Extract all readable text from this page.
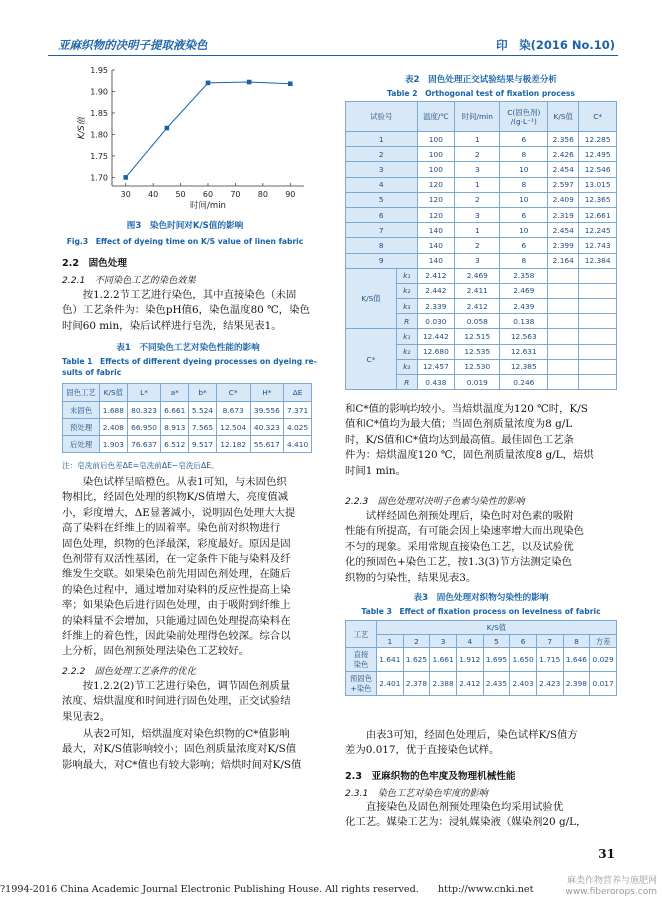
亚麻织物的决明子提取液染色	印　染(2016 No.10)
30 40 50 60 70 80 90
1.70
1.75
1.80
1.85
1.90
1.95
时间/min
K/S值
图3　染色时间对K/S值的影响
Fig.3　Effect of dyeing time on K/S value of linen fabric
2.2　固色处理
2.2.1　不同染色工艺的染色效果

按1.2.2节工艺进行染色，其中直接染色（未固

色）工艺条件为：染色pH值6，染色温度80 ℃，染色

时间60 min，染后试样进行皂洗，结果见表1。

表1　不同染色工艺对染色性能的影响
Table 1　Effects of different dyeing processes on dyeing re-
sults of fabric
固色工艺	K/S值	L*	a*	b*	C*	H*	ΔE
未固色	1.688	80.323	6.661	5.524	8.673	39.556	7.371
预处理	2.408	66.950	8.913	7.565	12.504	40.323	4.025
后处理	1.903	76.637	6.512	9.517	12.182	55.617	4.410
注：皂洗前后色差ΔE=皂洗前ΔE−皂洗后ΔE。

染色试样呈暗橙色。从表1可知，与未固色织

物相比，经固色处理的织物K/S值增大，亮度值减

小，彩度增大，ΔE显著减小，说明固色处理大大提

高了染料在纤维上的固着率。染色前对织物进行

固色处理，织物的色泽最深，彩度最好。原因是固

色剂带有双活性基团，在一定条件下能与染料及纤

维发生交联。如果染色前先用固色剂处理，在随后

的染色过程中，通过增加对染料的反应性提高上染

率；如果染色后进行固色处理，由于吸附到纤维上

的染料量不会增加，只能通过固色处理提高染料在

纤维上的着色性，因此染前处理得色较深。综合以

上分析，固色剂预处理法染色工艺较好。

2.2.2　固色处理工艺条件的优化

按1.2.2(2)节工艺进行染色，调节固色剂质量

浓度、焙烘温度和时间进行固色处理，正交试验结

果见表2。

从表2可知，焙烘温度对染色织物的C*值影响

最大，对K/S值影响较小；固色剂质量浓度对K/S值

影响最大，对C*值也有较大影响；焙烘时间对K/S值

表2　固色处理正交试验结果与极差分析
Table 2　Orthogonal test of fixation process
试验号		温度/℃	时间/min	C(固色剂)
/(g·L⁻¹)	K/S值	C*
1		100	1	6	2.356	12.285
2		100	2	8	2.426	12.495
3		100	3	10	2.454	12.546
4		120	1	8	2.597	13.015
5		120	2	10	2.409	12.365
6		120	3	6	2.319	12.661
7		140	1	10	2.454	12.245
8		140	2	6	2.399	12.743
9		140	3	8	2.164	12.384
K/S值	k₁	2.412	2.469	2.358		
	k₂	2.442	2.411	2.469		
	k₃	2.339	2.412	2.439		
	R	0.030	0.058	0.138		
C*	k₁	12.442	12.515	12.563		
	k₂	12.680	12.535	12.631		
	k₃	12.457	12.530	12.385		
	R	0.438	0.019	0.246		

和C*值的影响均较小。当焙烘温度为120 ℃时，K/S

值和C*值均为最大值；当固色剂质量浓度为8 g/L

时，K/S值和C*值均达到最高值。最佳固色工艺条

件为：焙烘温度120 ℃，固色剂质量浓度8 g/L，焙烘

时间1 min。

2.2.3　固色处理对决明子色素匀染性的影响

试样经固色剂预处理后，染色时对色素的吸附

性能有所提高，有可能会因上染速率增大而出现染色

不匀的现象。采用常规直接染色工艺，以及试验优

化的预固色+染色工艺，按1.3(3)节方法测定染色

织物的匀染性，结果见表3。

表3　固色处理对织物匀染性的影响
Table 3　Effect of fixation process on levelness of fabric
工艺	K/S值								
	1	2	3	4	5	6	7	8	方差

直接
染色	1.641	1.625	1.661	1.912	1.695	1.650	1.715	1.646	0.029

预固色
+染色	2.401	2.378	2.388	2.412	2.435	2.403	2.423	2.398	0.017

由表3可知，经固色处理后，染色试样K/S值方

差为0.017，优于直接染色试样。

2.3　亚麻织物的色牢度及物理机械性能
2.3.1　染色工艺对染色牢度的影响

直接染色及固色剂预处理染色均采用试验优

化工艺。媒染工艺为：浸轧媒染液（媒染剂20 g/L，

31
?1994-2016 China Academic Journal Electronic Publishing House. All rights reserved.　　http://www.cnki.net
麻类作物营养与施肥网 www.fiberorops.com
